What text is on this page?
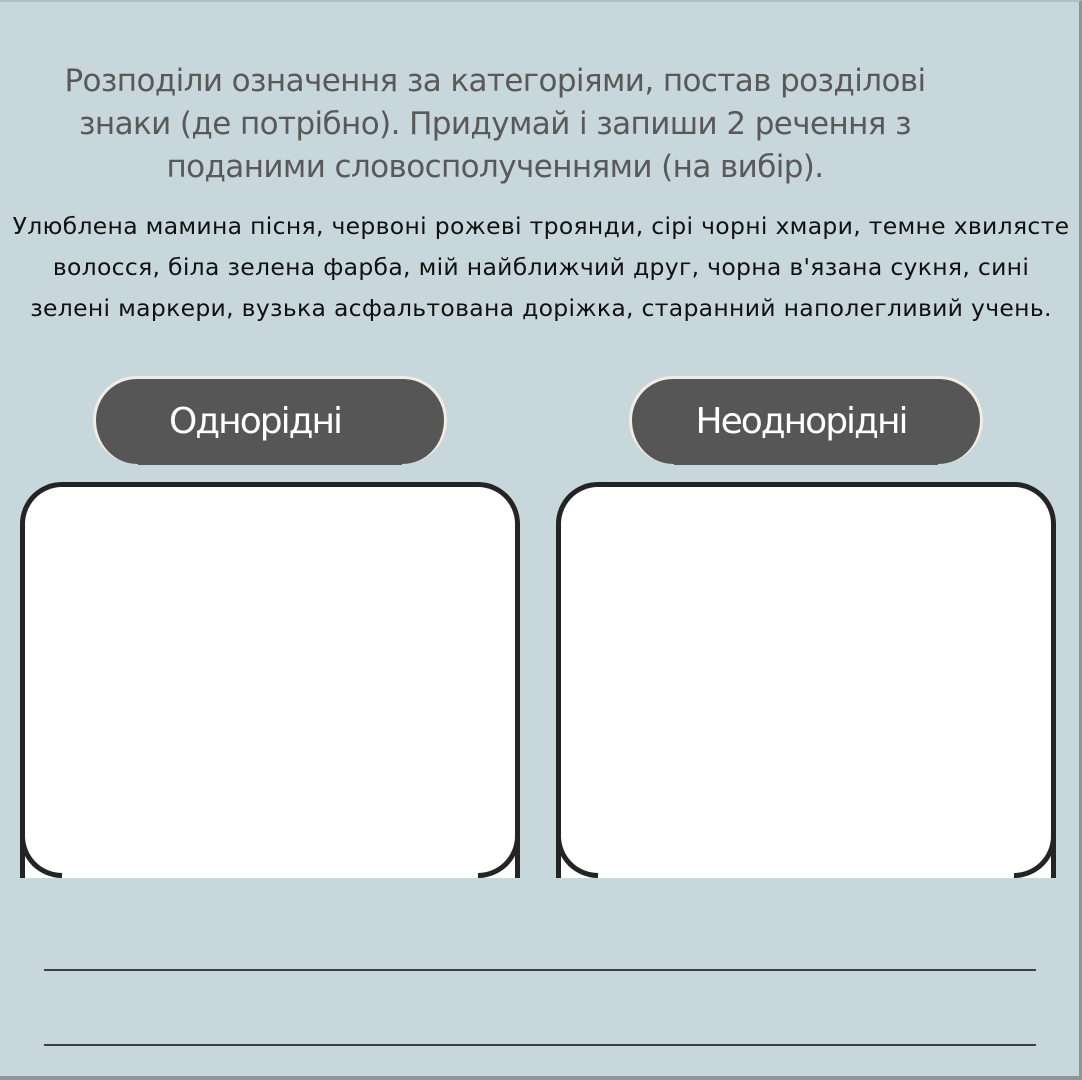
Розподіли означення за категоріями, постав розділові
знаки (де потрібно). Придумай і запиши 2 речення з
поданими словосполученнями (на вибір).
Улюблена мамина пісня, червоні рожеві троянди, сірі чорні хмари, темне хвилясте волосся, біла зелена фарба, мій найближчий друг, чорна в'язана сукня, сині зелені маркери, вузька асфальтована доріжка, старанний наполегливий учень.
Однорідні	Неоднорідні
